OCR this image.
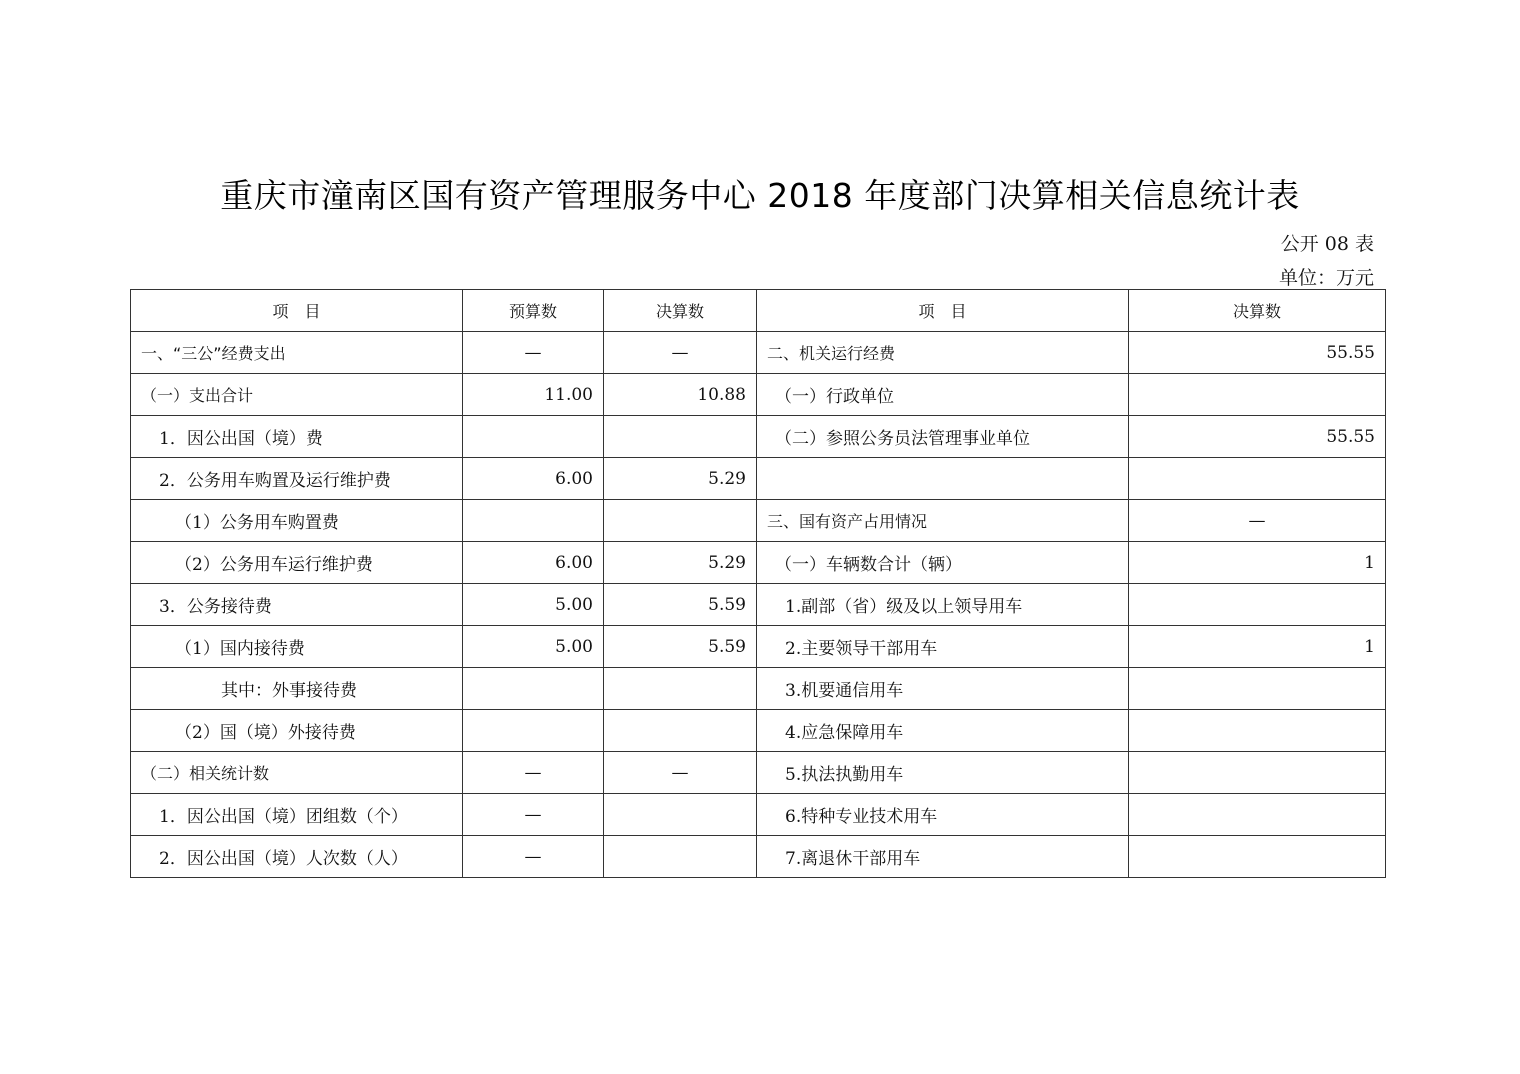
重庆市潼南区国有资产管理服务中心 2018 年度部门决算相关信息统计表
公开 08 表
单位：万元
项　目	预算数	决算数	项　目	决算数
一、“三公”经费支出	—	—	二、机关运行经费	55.55
（一）支出合计	11.00	10.88	（一）行政单位	
1．因公出国（境）费			（二）参照公务员法管理事业单位	55.55
2．公务用车购置及运行维护费	6.00	5.29		
（1）公务用车购置费			三、国有资产占用情况	—
（2）公务用车运行维护费	6.00	5.29	（一）车辆数合计（辆）	1
3．公务接待费	5.00	5.59	1.副部（省）级及以上领导用车	
（1）国内接待费	5.00	5.59	2.主要领导干部用车	1
其中：外事接待费			3.机要通信用车	
（2）国（境）外接待费			4.应急保障用车	
（二）相关统计数	—	—	5.执法执勤用车	
1．因公出国（境）团组数（个）	—		6.特种专业技术用车	
2．因公出国（境）人次数（人）	—		7.离退休干部用车	
